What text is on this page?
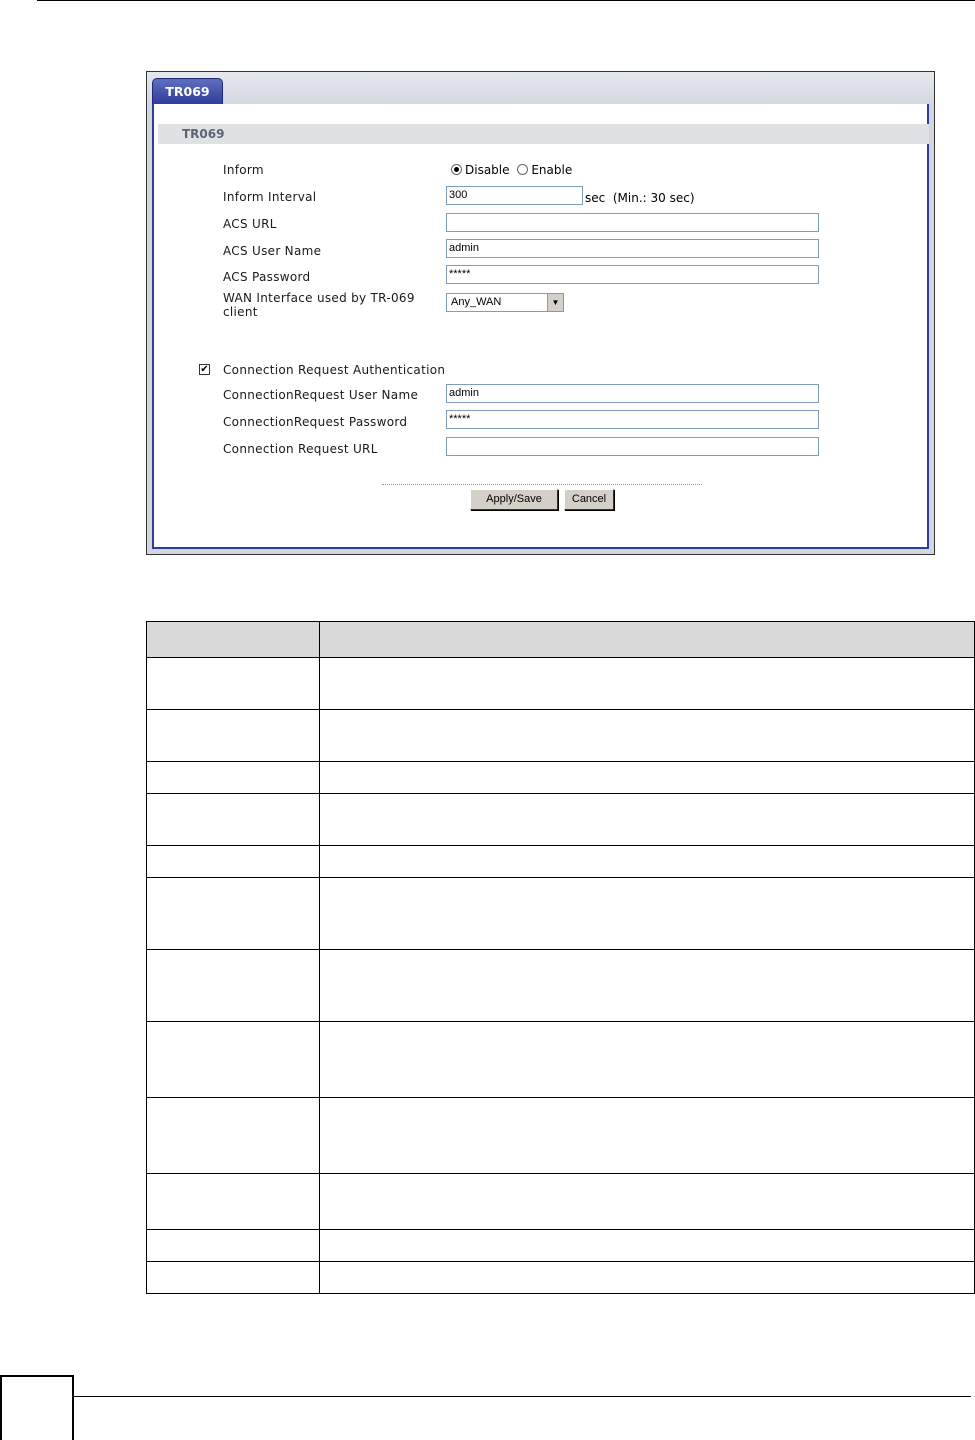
TR069
TR069
Inform	Disable Enable
Inform Interval	300	sec  (Min.: 30 sec)
ACS URL
ACS User Name	admin
ACS Password	*****
WAN Interface used by TR-069 client
Any_WAN	▼
✔ Connection Request Authentication
ConnectionRequest User Name	admin
ConnectionRequest Password	*****
Connection Request URL
Apply/Save	Cancel
